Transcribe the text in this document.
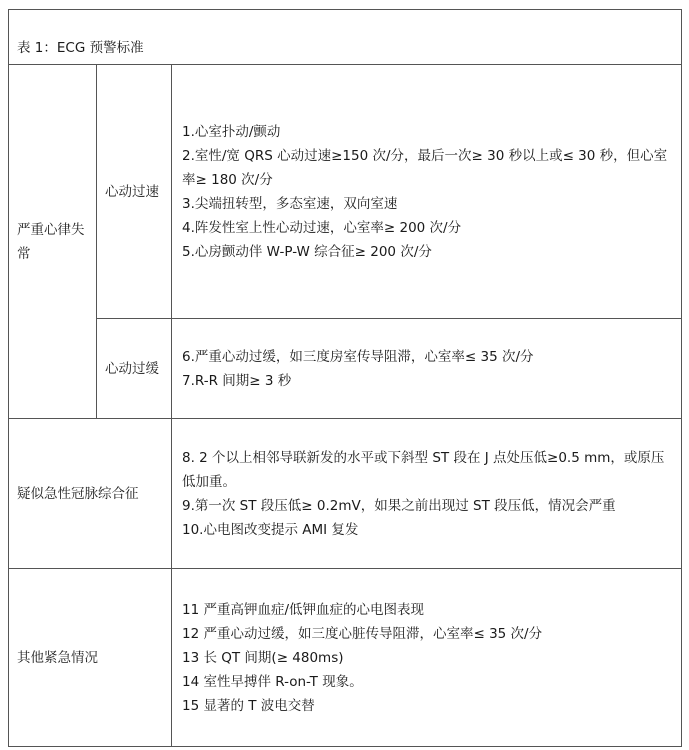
表 1：ECG 预警标准		

严重心律失常	心动过速	1.心室扑动/颤动
2.室性/宽 QRS 心动过速≥150 次/分，最后一次≥ 30 秒以上或≤ 30 秒，但心室率≥ 180 次/分
3.尖端扭转型，多态室速，双向室速
4.阵发性室上性心动过速，心室率≥ 200 次/分
5.心房颤动伴 W-P-W 综合征≥ 200 次/分

	心动过缓	6.严重心动过缓，如三度房室传导阻滞，心室率≤ 35 次/分
7.R-R 间期≥ 3 秒

疑似急性冠脉综合征		8. 2 个以上相邻导联新发的水平或下斜型 ST 段在 J 点处压低≥0.5 mm，或原压低加重。
9.第一次 ST 段压低≥ 0.2mV，如果之前出现过 ST 段压低，情况会严重
10.心电图改变提示 AMI 复发

其他紧急情况		11 严重高钾血症/低钾血症的心电图表现
12 严重心动过缓，如三度心脏传导阻滞，心室率≤ 35 次/分
13 长 QT 间期(≥ 480ms)
14 室性早搏伴 R-on-T 现象。
15 显著的 T 波电交替
